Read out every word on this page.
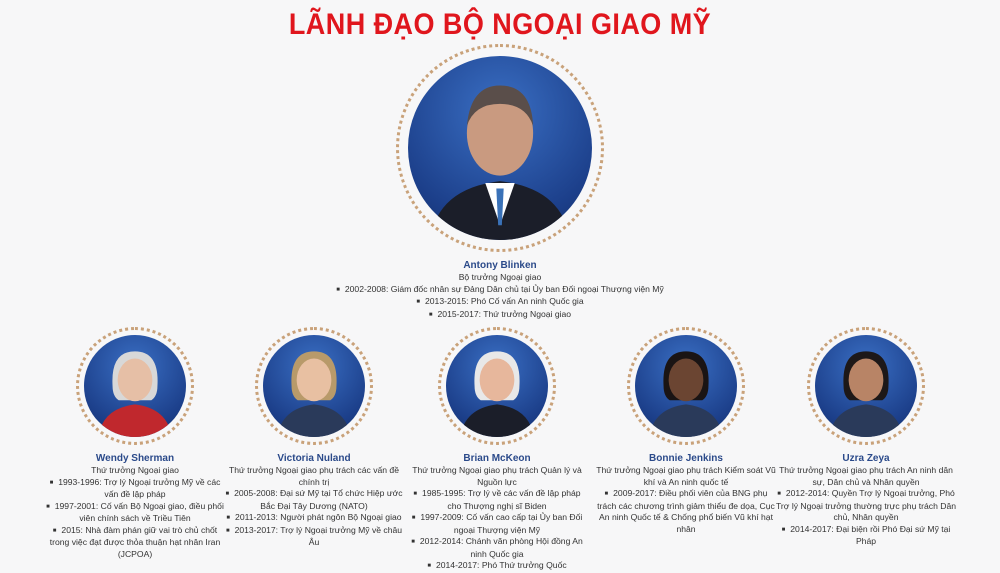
LÃNH ĐẠO BỘ NGOẠI GIAO MỸ
Antony Blinken
Bộ trưởng Ngoại giao
■ 2002-2008: Giám đốc nhân sự Đảng Dân chủ tại Ủy ban Đối ngoại Thượng viện Mỹ
■ 2013-2015: Phó Cố vấn An ninh Quốc gia
■ 2015-2017: Thứ trưởng Ngoại giao
Wendy Sherman
Thứ trưởng Ngoại giao
■ 1993-1996: Trợ lý Ngoại trưởng Mỹ về các vấn đề lập pháp
■ 1997-2001: Cố vấn Bộ Ngoại giao, điều phối viên chính sách về Triều Tiên
■ 2015: Nhà đàm phán giữ vai trò chủ chốt trong việc đạt được thỏa thuận hạt nhân Iran (JCPOA)
Victoria Nuland
Thứ trưởng Ngoại giao phụ trách các vấn đề chính trị
■ 2005-2008: Đại sứ Mỹ tại Tổ chức Hiệp ước Bắc Đại Tây Dương (NATO)
■ 2011-2013: Người phát ngôn Bộ Ngoại giao
■ 2013-2017: Trợ lý Ngoại trưởng Mỹ về châu Âu
Brian McKeon
Thứ trưởng Ngoại giao phụ trách Quản lý và Nguồn lực
■ 1985-1995: Trợ lý về các vấn đề lập pháp cho Thượng nghị sĩ Biden
■ 1997-2009: Cố vấn cao cấp tại Ủy ban Đối ngoại Thượng viện Mỹ
■ 2012-2014: Chánh văn phòng Hội đồng An ninh Quốc gia
■ 2014-2017: Phó Thứ trưởng Quốc
Bonnie Jenkins
Thứ trưởng Ngoại giao phụ trách Kiểm soát Vũ khí và An ninh quốc tế
■ 2009-2017: Điều phối viên của BNG phụ trách các chương trình giảm thiểu đe dọa, Cục An ninh Quốc tế & Chống phổ biến Vũ khí hạt nhân
Uzra Zeya
Thứ trưởng Ngoại giao phụ trách An ninh dân sự, Dân chủ và Nhân quyền
■ 2012-2014: Quyền Trợ lý Ngoại trưởng, Phó Trợ lý Ngoại trưởng thường trực phụ trách Dân chủ, Nhân quyền
■ 2014-2017: Đại biện rồi Phó Đại sứ Mỹ tại Pháp
